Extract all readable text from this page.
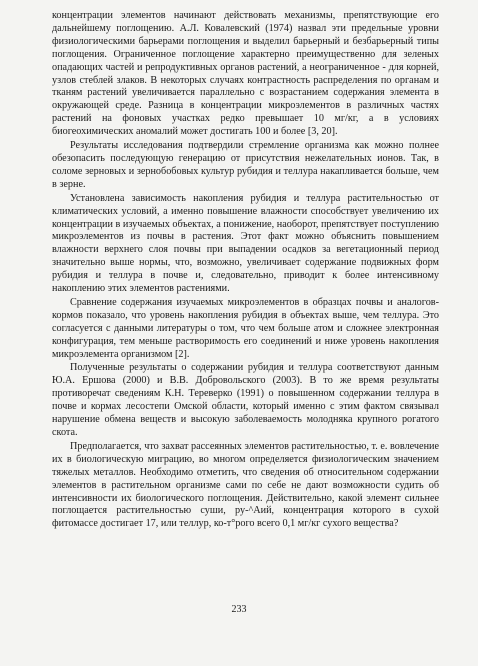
концентрации элементов начинают действовать механизмы, препятствующие его дальнейшему поглощению. А.Л. Ковалевский (1974) назвал эти предельные уровни физиологическими барьерами поглощения и выделил барьерный и безбарьерный типы поглощения. Ограниченное поглощение характерно преимущественно для зеленых опадающих частей и репродуктивных органов растений, а неограниченное - для корней, узлов стеблей злаков. В некоторых случаях контрастность распределения по органам и тканям растений увеличивается параллельно с возрастанием содержания элемента в окружающей среде. Разница в концентрации микроэлементов в различных частях растений на фоновых участках редко превышает 10 мг/кг, а в условиях биогеохимических аномалий может достигать 100 и более [3, 20].

Результаты исследования подтвердили стремление организма как можно полнее обезопасить последующую генерацию от присутствия нежелательных ионов. Так, в соломе зерновых и зернобобовых культур рубидия и теллура накапливается больше, чем в зерне.

Установлена зависимость накопления рубидия и теллура растительностью от климатических условий, а именно повышение влажности способствует увеличению их концентрации в изучаемых объектах, а понижение, наоборот, препятствует поступлению микроэлементов из почвы в растения. Этот факт можно объяснить повышением влажности верхнего слоя почвы при выпадении осадков за вегетационный период значительно выше нормы, что, возможно, увеличивает содержание подвижных форм рубидия и теллура в почве и, следовательно, приводит к более интенсивному накоплению этих элементов растениями.

Сравнение содержания изучаемых микроэлементов в образцах почвы и аналогов-кормов показало, что уровень накопления рубидия в объектах выше, чем теллура. Это согласуется с данными литературы о том, что чем больше атом и сложнее электронная конфигурация, тем меньше растворимость его соединений и ниже уровень накопления микроэлемента организмом [2].

Полученные результаты о содержании рубидия и теллура соответствуют данным Ю.А. Ершова (2000) и В.В. Добровольского (2003). В то же время результаты противоречат сведениям К.Н. Тереверко (1991) о повышенном содержании теллура в почве и кормах лесостепи Омской области, который именно с этим фактом связывал нарушение обмена веществ и высокую заболеваемость молодняка крупного рогатого скота.

Предполагается, что захват рассеянных элементов растительностью, т. е. вовлечение их в биологическую миграцию, во многом определяется физиологическим значением тяжелых металлов. Необходимо отметить, что сведения об относительном содержании элементов в растительном организме сами по себе не дают возможности судить об интенсивности их биологического поглощения. Действительно, какой элемент сильнее поглощается растительностью суши, ру-^Аий, концентрация которого в сухой фитомассе достигает 17, или теллур, ко-т°рого всего 0,1 мг/кг сухого вещества?

233
